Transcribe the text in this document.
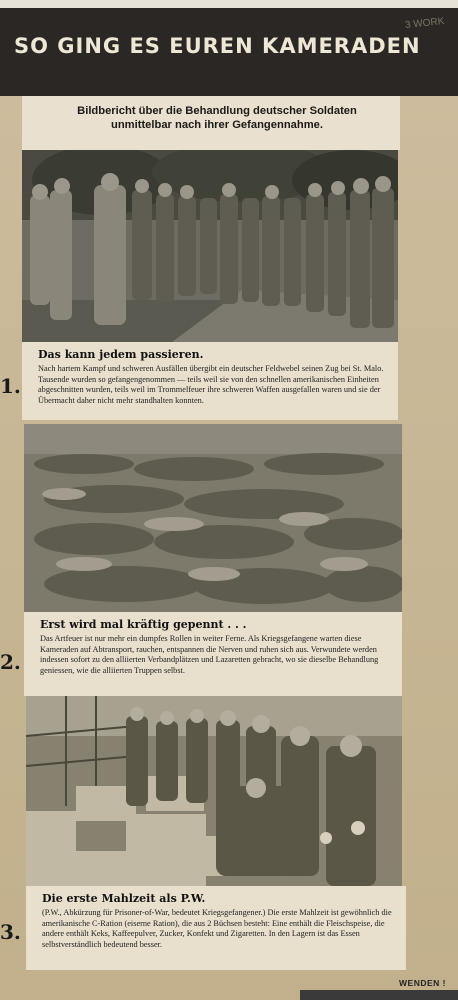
SO GING ES EUREN KAMERADEN
3 WORK
Bildbericht über die Behandlung deutscher Soldaten unmittelbar nach ihrer Gefangennahme.
Das kann jedem passieren.
Nach hartem Kampf und schweren Ausfällen übergibt ein deutscher Feldwebel seinen Zug bei St. Malo. Tausende wurden so gefangengenommen — teils weil sie von den schnellen amerikanischen Einheiten abgeschnitten wurden, teils weil im Trommelfeuer ihre schweren Waffen ausgefallen waren und sie der Übermacht daher nicht mehr standhalten konnten.
1.
Erst wird mal kräftig gepennt . . .
Das Artfeuer ist nur mehr ein dumpfes Rollen in weiter Ferne. Als Kriegsgefangene warten diese Kameraden auf Abtransport, rauchen, entspannen die Nerven und ruhen sich aus. Verwundete werden indessen sofort zu den alliierten Verbandplätzen und Lazaretten gebracht, wo sie dieselbe Behandlung geniessen, wie die alliierten Truppen selbst.
2.
Die erste Mahlzeit als P.W.
(P.W., Abkürzung für Prisoner-of-War, bedeutet Kriegsgefangener.) Die erste Mahlzeit ist gewöhnlich die amerikanische C-Ration (eiserne Ration), die aus 2 Büchsen besteht: Eine enthält die Fleischspeise, die andere enthält Keks, Kaffeepulver, Zucker, Konfekt und Zigaretten. In den Lagern ist das Essen selbstverständlich bedeutend besser.
3.
WENDEN !
